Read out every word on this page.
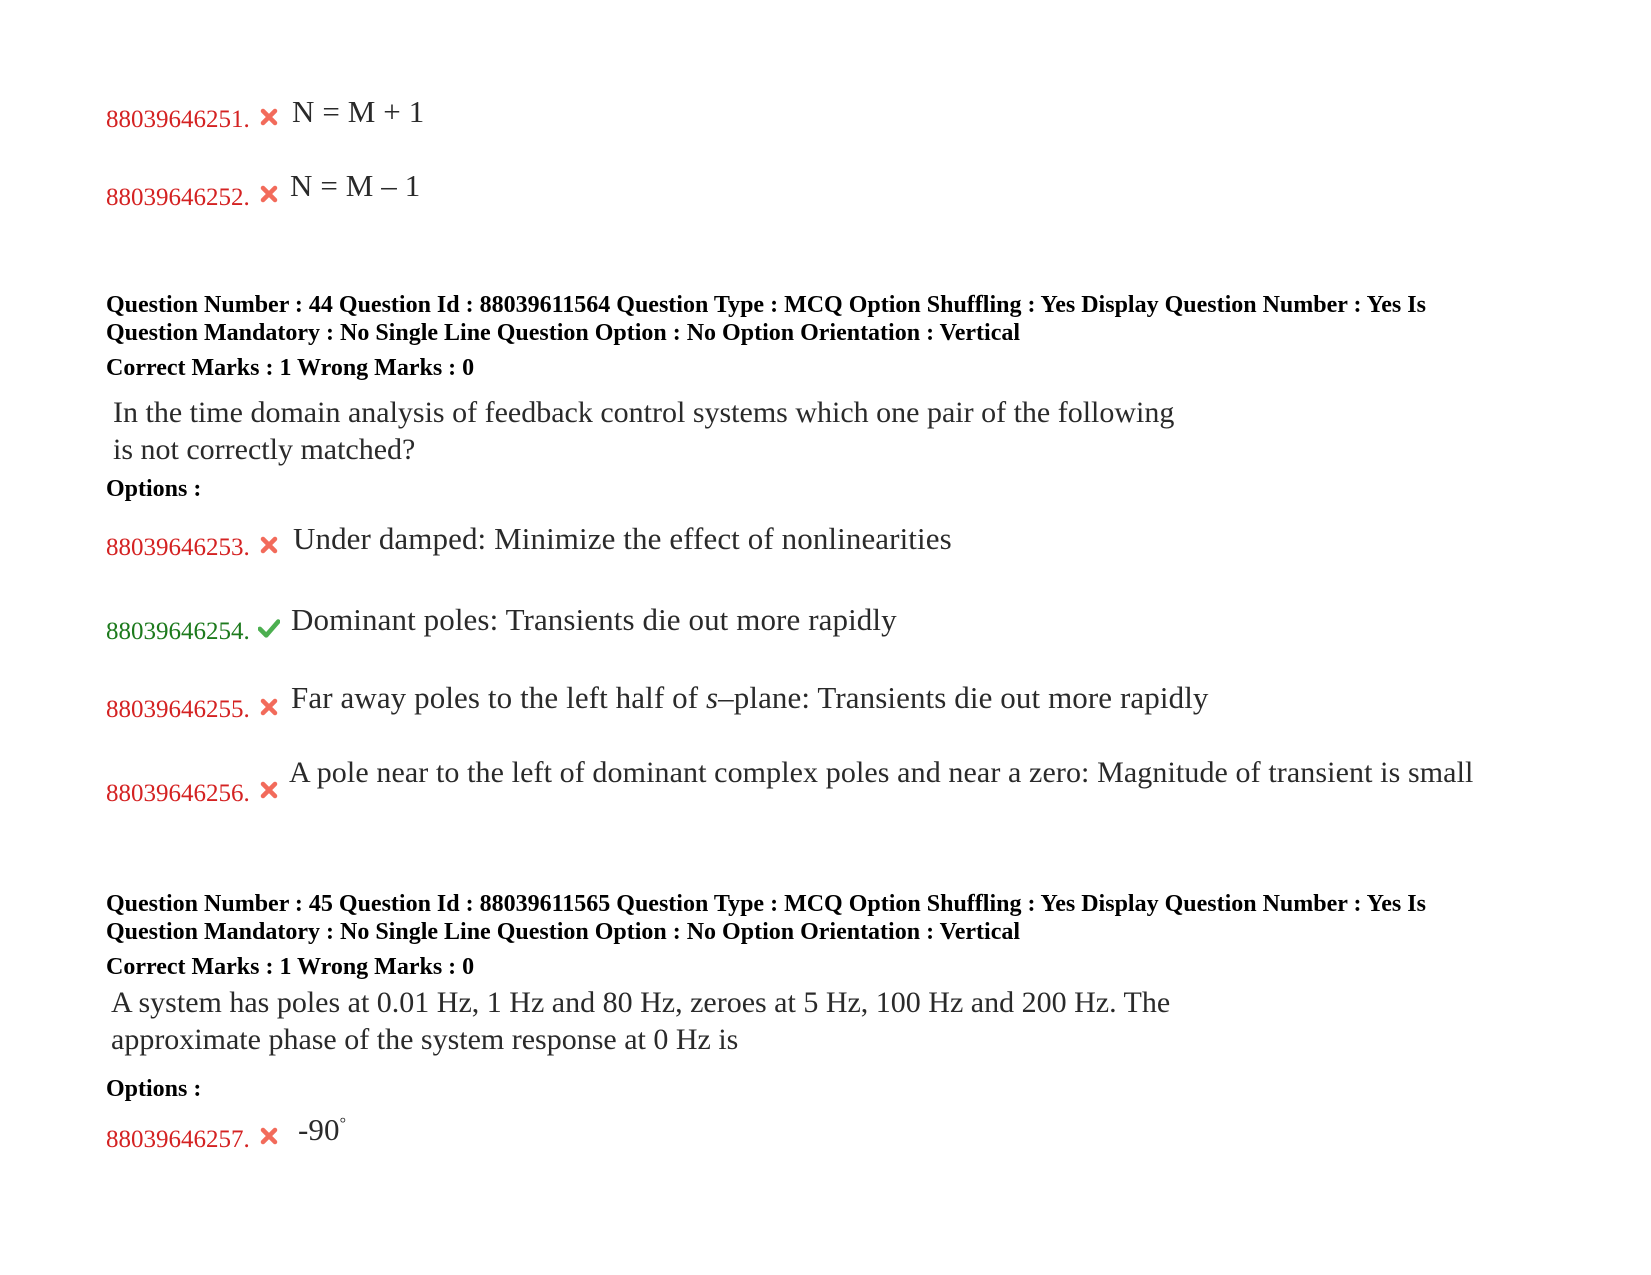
88039646251. N = M + 1
88039646252. N = M – 1
Question Number : 44 Question Id : 88039611564 Question Type : MCQ Option Shuffling : Yes Display Question Number : Yes Is
Question Mandatory : No Single Line Question Option : No Option Orientation : Vertical
Correct Marks : 1 Wrong Marks : 0
In the time domain analysis of feedback control systems which one pair of the following
is not correctly matched?
Options :
88039646253. Under damped: Minimize the effect of nonlinearities
88039646254. Dominant poles: Transients die out more rapidly
88039646255. Far away poles to the left half of s–plane: Transients die out more rapidly
88039646256.
A pole near to the left of dominant complex poles and near a zero: Magnitude of transient is small
Question Number : 45 Question Id : 88039611565 Question Type : MCQ Option Shuffling : Yes Display Question Number : Yes Is
Question Mandatory : No Single Line Question Option : No Option Orientation : Vertical
Correct Marks : 1 Wrong Marks : 0
A system has poles at 0.01 Hz, 1 Hz and 80 Hz, zeroes at 5 Hz, 100 Hz and 200 Hz. The
approximate phase of the system response at 0 Hz is
Options :
88039646257. -90°
